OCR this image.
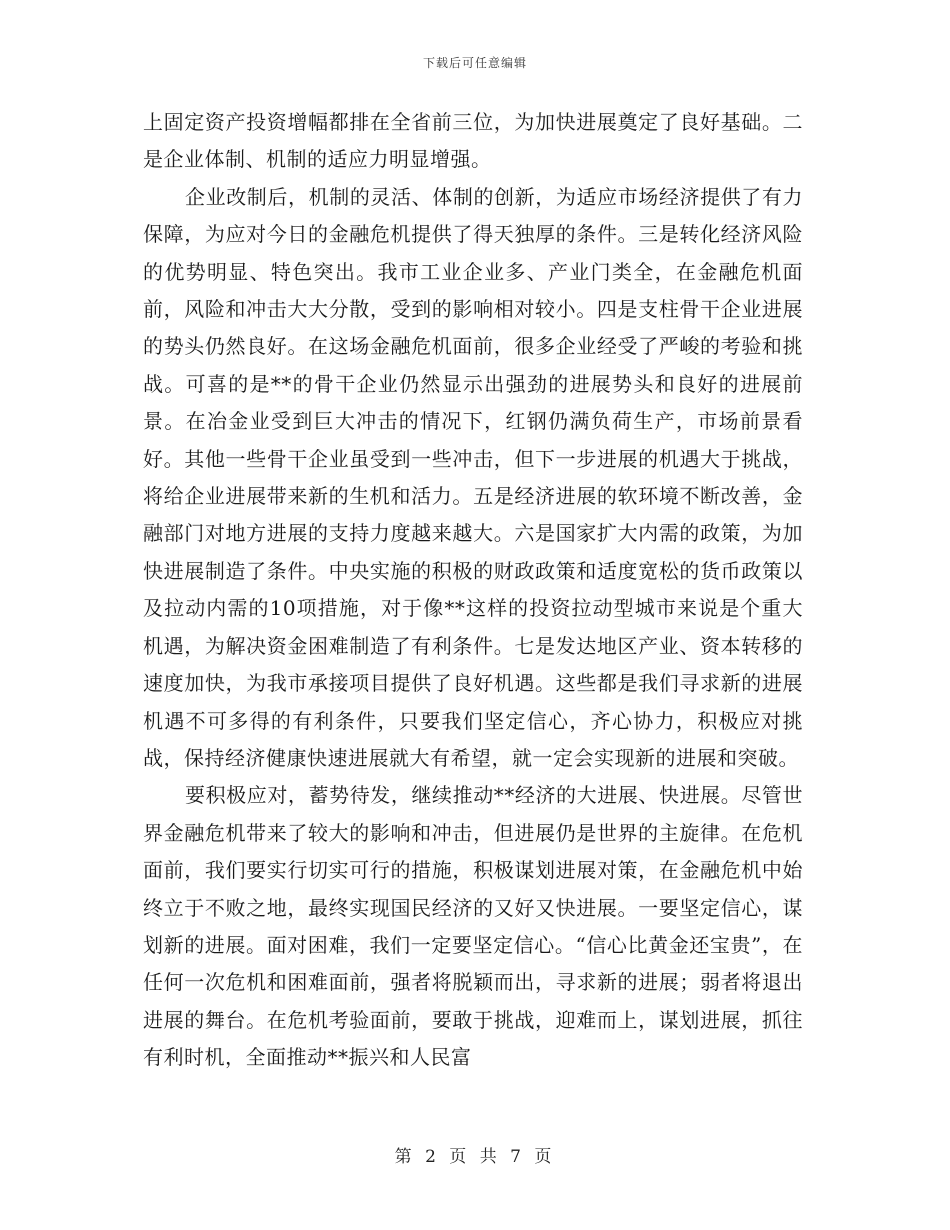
下载后可任意编辑

上固定资产投资增幅都排在全省前三位，为加快进展奠定了良好基础。二是企业体制、机制的适应力明显增强。

企业改制后，机制的灵活、体制的创新，为适应市场经济提供了有力保障，为应对今日的金融危机提供了得天独厚的条件。三是转化经济风险的优势明显、特色突出。我市工业企业多、产业门类全，在金融危机面前，风险和冲击大大分散，受到的影响相对较小。四是支柱骨干企业进展的势头仍然良好。在这场金融危机面前，很多企业经受了严峻的考验和挑战。可喜的是**的骨干企业仍然显示出强劲的进展势头和良好的进展前景。在冶金业受到巨大冲击的情况下，红钢仍满负荷生产，市场前景看好。其他一些骨干企业虽受到一些冲击，但下一步进展的机遇大于挑战，将给企业进展带来新的生机和活力。五是经济进展的软环境不断改善，金融部门对地方进展的支持力度越来越大。六是国家扩大内需的政策，为加快进展制造了条件。中央实施的积极的财政政策和适度宽松的货币政策以及拉动内需的10项措施，对于像**这样的投资拉动型城市来说是个重大机遇，为解决资金困难制造了有利条件。七是发达地区产业、资本转移的速度加快，为我市承接项目提供了良好机遇。这些都是我们寻求新的进展机遇不可多得的有利条件，只要我们坚定信心，齐心协力，积极应对挑战，保持经济健康快速进展就大有希望，就一定会实现新的进展和突破。

要积极应对，蓄势待发，继续推动**经济的大进展、快进展。尽管世界金融危机带来了较大的影响和冲击，但进展仍是世界的主旋律。在危机面前，我们要实行切实可行的措施，积极谋划进展对策，在金融危机中始终立于不败之地，最终实现国民经济的又好又快进展。一要坚定信心，谋划新的进展。面对困难，我们一定要坚定信心。“信心比黄金还宝贵”，在任何一次危机和困难面前，强者将脱颖而出，寻求新的进展；弱者将退出进展的舞台。在危机考验面前，要敢于挑战，迎难而上，谋划进展，抓往有利时机，全面推动**振兴和人民富

第 2 页 共 7 页
